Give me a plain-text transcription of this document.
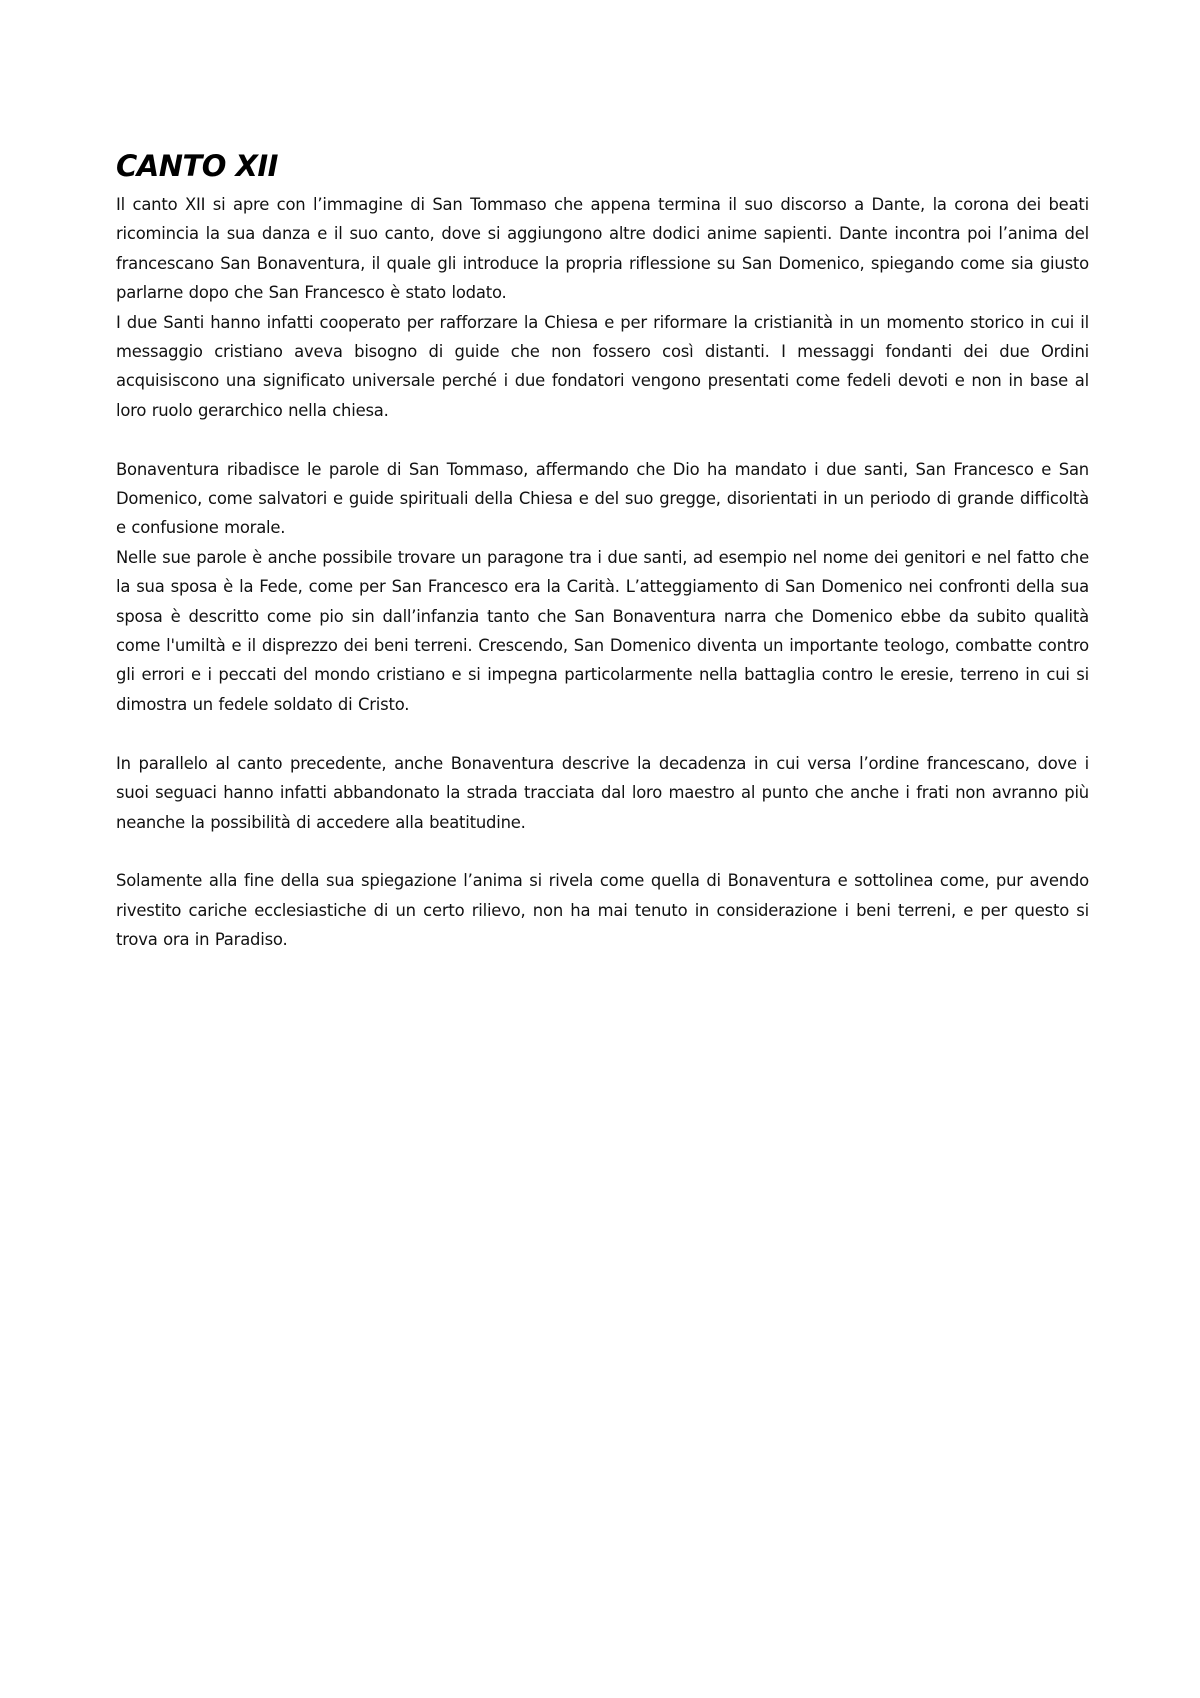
CANTO XII

Il canto XII si apre con l’immagine di San Tommaso che appena termina il suo discorso a Dante, la corona dei beati ricomincia la sua danza e il suo canto, dove si aggiungono altre dodici anime sapienti. Dante incontra poi l’anima del francescano San Bonaventura, il quale gli introduce la propria riflessione su San Domenico, spiegando come sia giusto parlarne dopo che San Francesco è stato lodato.

I due Santi hanno infatti cooperato per rafforzare la Chiesa e per riformare la cristianità in un momento storico in cui il messaggio cristiano aveva bisogno di guide che non fossero così distanti. I messaggi fondanti dei due Ordini acquisiscono una significato universale perché i due fondatori vengono presentati come fedeli devoti e non in base al loro ruolo gerarchico nella chiesa.

Bonaventura ribadisce le parole di San Tommaso, affermando che Dio ha mandato i due santi, San Francesco e San Domenico, come salvatori e guide spirituali della Chiesa e del suo gregge, disorientati in un periodo di grande difficoltà e confusione morale.

Nelle sue parole è anche possibile trovare un paragone tra i due santi, ad esempio nel nome dei genitori e nel fatto che la sua sposa è la Fede, come per San Francesco era la Carità. L’atteggiamento di San Domenico nei confronti della sua sposa è descritto come pio sin dall’infanzia tanto che San Bonaventura narra che Domenico ebbe da subito qualità come l'umiltà e il disprezzo dei beni terreni. Crescendo, San Domenico diventa un importante teologo, combatte contro gli errori e i peccati del mondo cristiano e si impegna particolarmente nella battaglia contro le eresie, terreno in cui si dimostra un fedele soldato di Cristo.

In parallelo al canto precedente, anche Bonaventura descrive la decadenza in cui versa l’ordine francescano, dove i suoi seguaci hanno infatti abbandonato la strada tracciata dal loro maestro al punto che anche i frati non avranno più neanche la possibilità di accedere alla beatitudine.

Solamente alla fine della sua spiegazione l’anima si rivela come quella di Bonaventura e sottolinea come, pur avendo rivestito cariche ecclesiastiche di un certo rilievo, non ha mai tenuto in considerazione i beni terreni, e per questo si trova ora in Paradiso.
